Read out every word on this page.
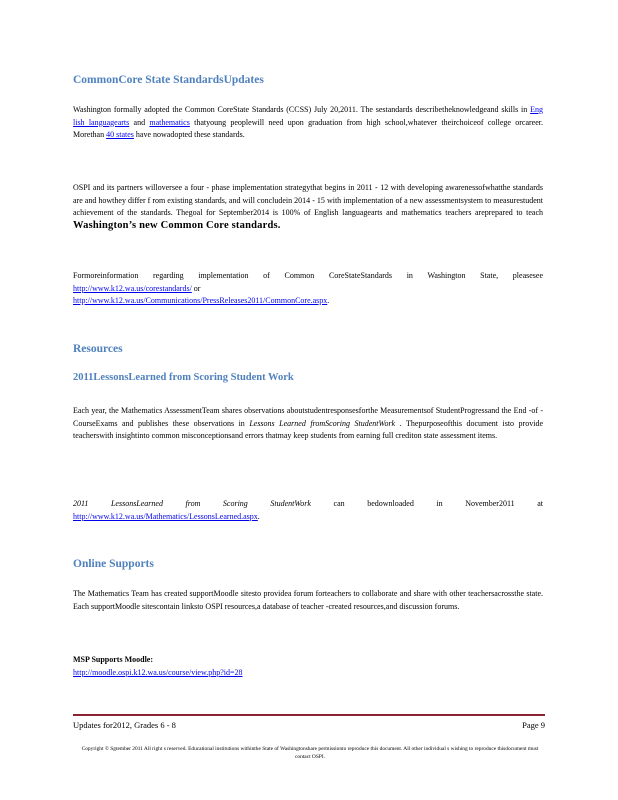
CommonCore State StandardsUpdates
Washington formally adopted the Common CoreState Standards (CCSS) July 20,2011. The sestandards describetheknowledgeand skills in Eng lish languagearts and mathematics thatyoung peoplewill need upon graduation from high school,whatever theirchoiceof college orcareer. Morethan 40 states have nowadopted these standards.
OSPI and its partners willoversee a four - phase implementation strategythat begins in 2011 - 12 with developing awarenessofwhatthe standards are and howthey differ f rom existing standards, and will concludein 2014 - 15 with implementation of a new assessmentsystem to measurestudent achievement of the standards. Thegoal for September2014 is 100% of English languagearts and mathematics teachers areprepared to teach Washington’s new Common Core standards.
Formoreinformation regarding implementation of Common CoreStateStandards in Washington State, pleasesee http://www.k12.wa.us/corestandards/ or
http://www.k12.wa.us/Communications/PressReleases2011/CommonCore.aspx.
Resources
2011LessonsLearned from Scoring Student Work
Each year, the Mathematics AssessmentTeam shares observations aboutstudentresponsesforthe Measurementsof StudentProgressand the End -of -CourseExams and publishes these observations in Lessons Learned fromScoring StudentWork . Thepurposeofthis document isto provide teacherswith insightinto common misconceptionsand errors thatmay keep students from earning full crediton state assessment items.
2011 LessonsLearned from Scoring StudentWork can bedownloaded in November2011 at http://www.k12.wa.us/Mathematics/LessonsLearned.aspx.
Online Supports
The Mathematics Team has created supportMoodle sitesto providea forum forteachers to collaborate and share with other teachersacrossthe state. Each supportMoodle sitescontain linksto OSPI resources,a database of teacher -created resources,and discussion forums.
MSP Supports Moodle:
http://moodle.ospi.k12.wa.us/course/view.php?id=28
Updates for2012, Grades 6 - 8	Page 9
Copyright © Sgtember 2011 All right s reserved. Educational institutions withinthe State of Washingtonshare permissionto reproduce this document. All other individual s wishing to reproduce thisdocument must contact OSPI.
